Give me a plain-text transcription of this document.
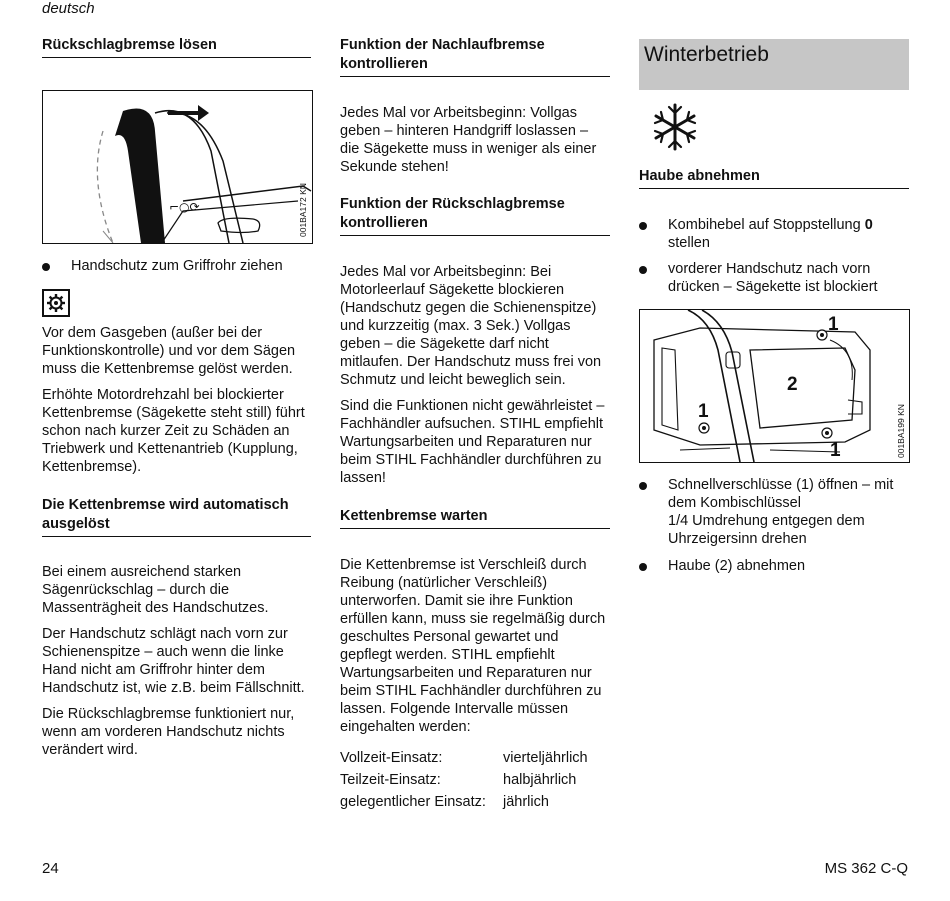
deutsch
Rückschlagbremse lösen
⌐○⟳	001BA172 KN
Handschutz zum Griffrohr ziehen

Vor dem Gasgeben (außer bei der Funktionskontrolle) und vor dem Sägen muss die Kettenbremse gelöst werden.

Erhöhte Motordrehzahl bei blockierter Kettenbremse (Sägekette steht still) führt schon nach kurzer Zeit zu Schäden an Triebwerk und Kettenantrieb (Kupplung, Kettenbremse).

Die Kettenbremse wird automatisch ausgelöst

Bei einem ausreichend starken Sägenrückschlag – durch die Massenträgheit des Handschutzes.

Der Handschutz schlägt nach vorn zur Schienenspitze – auch wenn die linke Hand nicht am Griffrohr hinter dem Handschutz ist, wie z.B. beim Fällschnitt.

Die Rückschlagbremse funktioniert nur, wenn am vorderen Handschutz nichts verändert wird.

Funktion der Nachlaufbremse kontrollieren

Jedes Mal vor Arbeitsbeginn: Vollgas geben – hinteren Handgriff loslassen – die Sägekette muss in weniger als einer Sekunde stehen!

Funktion der Rückschlagbremse kontrollieren

Jedes Mal vor Arbeitsbeginn: Bei Motorleerlauf Sägekette blockieren (Handschutz gegen die Schienenspitze) und kurzzeitig (max. 3 Sek.) Vollgas geben – die Sägekette darf nicht mitlaufen. Der Handschutz muss frei von Schmutz und leicht beweglich sein.

Sind die Funktionen nicht gewährleistet – Fachhändler aufsuchen. STIHL empfiehlt Wartungsarbeiten und Reparaturen nur beim STIHL Fachhändler durchführen zu lassen!

Kettenbremse warten

Die Kettenbremse ist Verschleiß durch Reibung (natürlicher Verschleiß) unterworfen. Damit sie ihre Funktion erfüllen kann, muss sie regelmäßig durch geschultes Personal gewartet und gepflegt werden. STIHL empfiehlt Wartungsarbeiten und Reparaturen nur beim STIHL Fachhändler durchführen zu lassen. Folgende Intervalle müssen eingehalten werden:

Vollzeit-Einsatz:	vierteljährlich
Teilzeit-Einsatz:	halbjährlich
gelegentlicher Einsatz:	jährlich
Winterbetrieb
Haube abnehmen
Kombihebel auf Stoppstellung 0
stellen
vorderer Handschutz nach vorn drücken – Sägekette ist blockiert
1
2
1
1	001BA199 KN
Schnellverschlüsse (1) öffnen – mit dem Kombischlüssel
1/4 Umdrehung entgegen dem Uhrzeigersinn drehen
Haube (2) abnehmen
24	MS 362 C-Q
